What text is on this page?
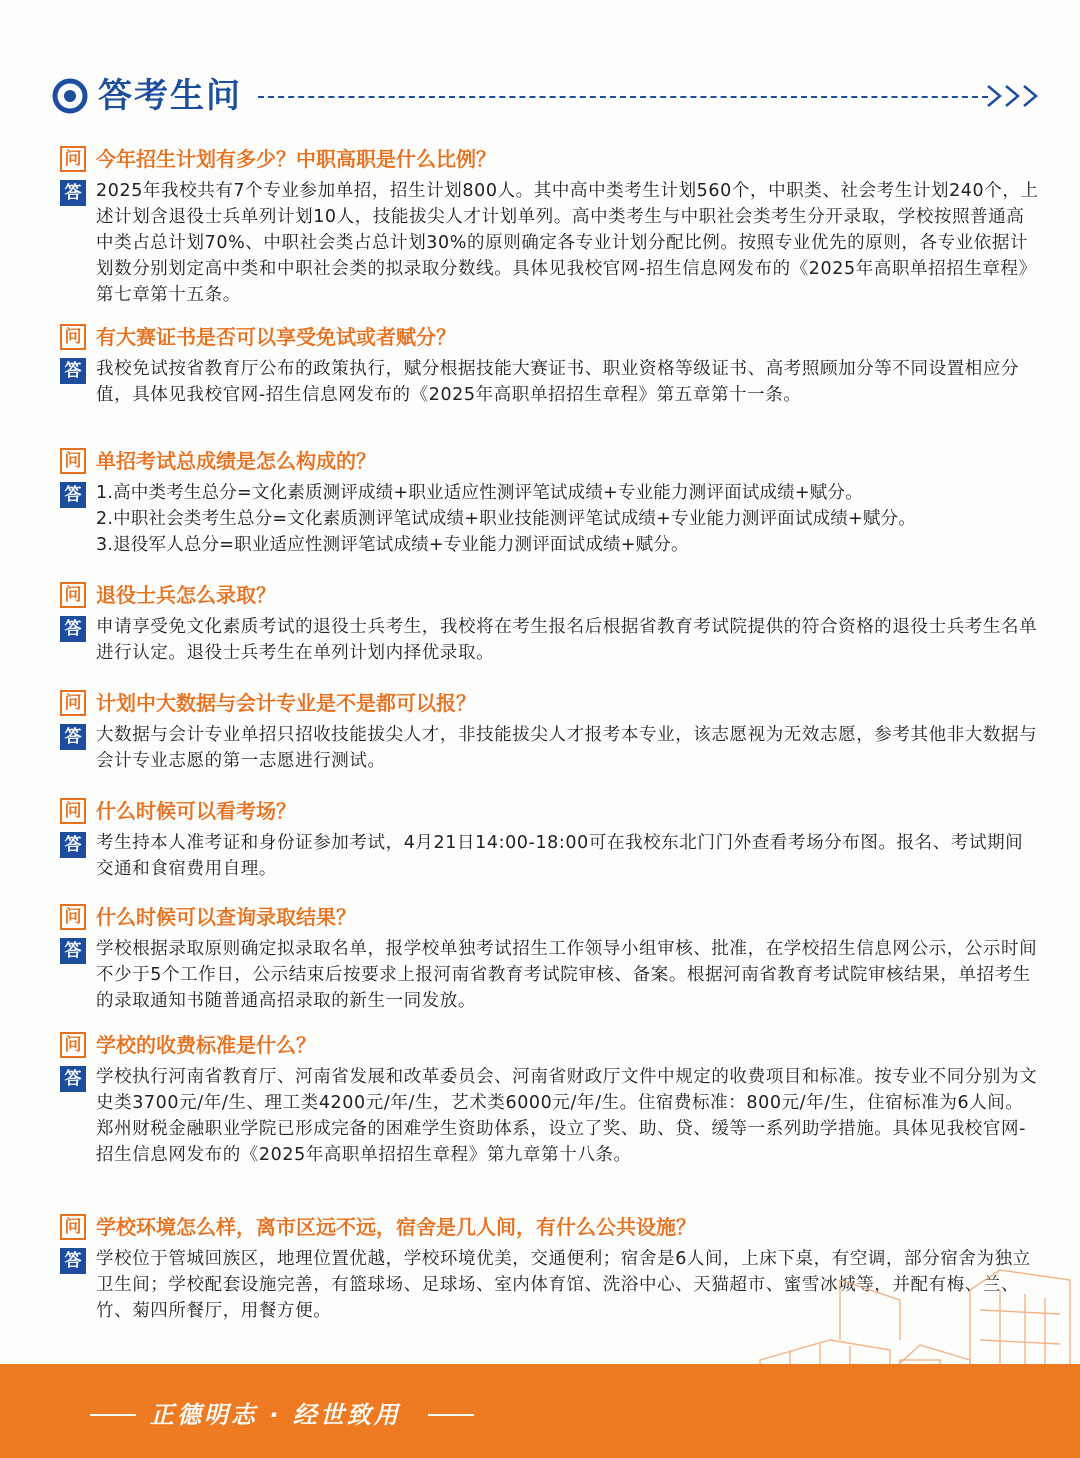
答考生问
问 今年招生计划有多少？中职高职是什么比例？
答 2025年我校共有7个专业参加单招，招生计划800人。其中高中类考生计划560个，中职类、社会考生计划240个，上述计划含退役士兵单列计划10人，技能拔尖人才计划单列。高中类考生与中职社会类考生分开录取，学校按照普通高中类占总计划70%、中职社会类占总计划30%的原则确定各专业计划分配比例。按照专业优先的原则，各专业依据计划数分别划定高中类和中职社会类的拟录取分数线。具体见我校官网-招生信息网发布的《2025年高职单招招生章程》第七章第十五条。

问 有大赛证书是否可以享受免试或者赋分？
答 我校免试按省教育厅公布的政策执行，赋分根据技能大赛证书、职业资格等级证书、高考照顾加分等不同设置相应分值，具体见我校官网-招生信息网发布的《2025年高职单招招生章程》第五章第十一条。

问 单招考试总成绩是怎么构成的？
答 1.高中类考生总分=文化素质测评成绩+职业适应性测评笔试成绩+专业能力测评面试成绩+赋分。

2.中职社会类考生总分=文化素质测评笔试成绩+职业技能测评笔试成绩+专业能力测评面试成绩+赋分。

3.退役军人总分=职业适应性测评笔试成绩+专业能力测评面试成绩+赋分。

问 退役士兵怎么录取？
答 申请享受免文化素质考试的退役士兵考生，我校将在考生报名后根据省教育考试院提供的符合资格的退役士兵考生名单进行认定。退役士兵考生在单列计划内择优录取。

问 计划中大数据与会计专业是不是都可以报？
答 大数据与会计专业单招只招收技能拔尖人才，非技能拔尖人才报考本专业，该志愿视为无效志愿，参考其他非大数据与会计专业志愿的第一志愿进行测试。

问 什么时候可以看考场？
答 考生持本人准考证和身份证参加考试，4月21日14:00-18:00可在我校东北门门外查看考场分布图。报名、考试期间交通和食宿费用自理。

问 什么时候可以查询录取结果？
答 学校根据录取原则确定拟录取名单，报学校单独考试招生工作领导小组审核、批准，在学校招生信息网公示，公示时间不少于5个工作日，公示结束后按要求上报河南省教育考试院审核、备案。根据河南省教育考试院审核结果，单招考生的录取通知书随普通高招录取的新生一同发放。

问 学校的收费标准是什么？
答 学校执行河南省教育厅、河南省发展和改革委员会、河南省财政厅文件中规定的收费项目和标准。按专业不同分别为文史类3700元/年/生、理工类4200元/年/生，艺术类6000元/年/生。住宿费标准：800元/年/生，住宿标准为6人间。

郑州财税金融职业学院已形成完备的困难学生资助体系，设立了奖、助、贷、缓等一系列助学措施。具体见我校官网-招生信息网发布的《2025年高职单招招生章程》第九章第十八条。

问 学校环境怎么样，离市区远不远，宿舍是几人间，有什么公共设施？
答 学校位于管城回族区，地理位置优越，学校环境优美，交通便利；宿舍是6人间，上床下桌，有空调，部分宿舍为独立卫生间；学校配套设施完善，有篮球场、足球场、室内体育馆、洗浴中心、天猫超市、蜜雪冰城等，并配有梅、兰、竹、菊四所餐厅，用餐方便。

正德明志 · 经世致用
